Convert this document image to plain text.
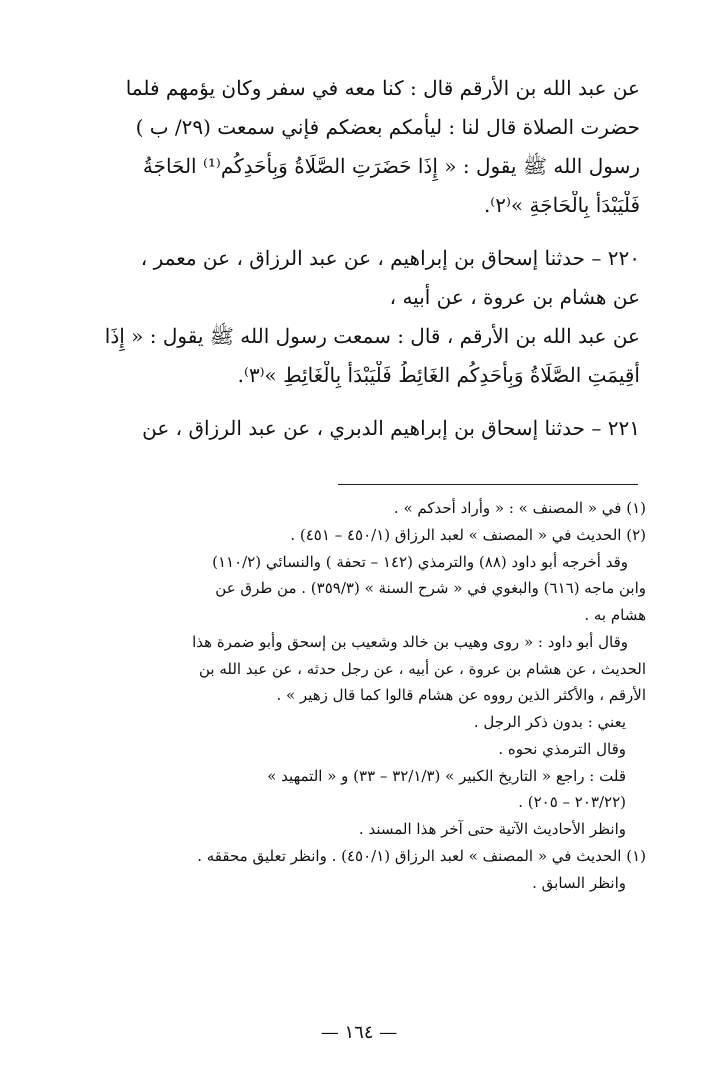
عن عبد الله بن الأرقم قال : كنا معه في سفر وكان يؤمهم فلما
حضرت الصلاة قال لنا : ليأمكم بعضكم فإني سمعت (٢٩/ ب )
رسول الله ﷺ يقول : « إِذَا حَضَرَتِ الصَّلَاةُ وَبِأَحَدِكُم⁽¹⁾ الحَاجَةُ
فَلْيَبْدَأْ بِالْحَاجَةِ »⁽٢⁾.

٢٢٠ – حدثنا إسحاق بن إبراهيم ، عن عبد الرزاق ، عن معمر ،
عن هشام بن عروة ، عن أبيه ،
عن عبد الله بن الأرقم ، قال : سمعت رسول الله ﷺ يقول : « إِذَا
أُقِيمَتِ الصَّلَاةُ وَبِأَحَدِكُم الغَائِطُ فَلْيَبْدَأْ بِالْغَائِطِ »⁽٣⁾.

٢٢١ – حدثنا إسحاق بن إبراهيم الدبري ، عن عبد الرزاق ، عن

(١) في « المصنف » : « وأراد أحدكم » .
(٢) الحديث في « المصنف » لعبد الرزاق (٤٥٠/١ – ٤٥١) .
وقد أخرجه أبو داود (٨٨) والترمذي (١٤٢ – تحفة ) والنسائي (١١٠/٢)
وابن ماجه (٦١٦) والبغوي في « شرح السنة » (٣٥٩/٣) . من طرق عن
هشام به .
وقال أبو داود : « روى وهيب بن خالد وشعيب بن إسحق وأبو ضمرة هذا
الحديث ، عن هشام بن عروة ، عن أبيه ، عن رجل حدثه ، عن عبد الله بن
الأرقم ، والأكثر الذين رووه عن هشام قالوا كما قال زهير » .
يعني : بدون ذكر الرجل .
وقال الترمذي نحوه .
قلت : راجع « التاريخ الكبير » (٣٢/١/٣ – ٣٣) و « التمهيد »
(٢٠٣/٢٢ – ٢٠٥) .
وانظر الأحاديث الآتية حتى آخر هذا المسند .
(١) الحديث في « المصنف » لعبد الرزاق (٤٥٠/١) . وانظر تعليق محققه .
وانظر السابق .
— ١٦٤ —
